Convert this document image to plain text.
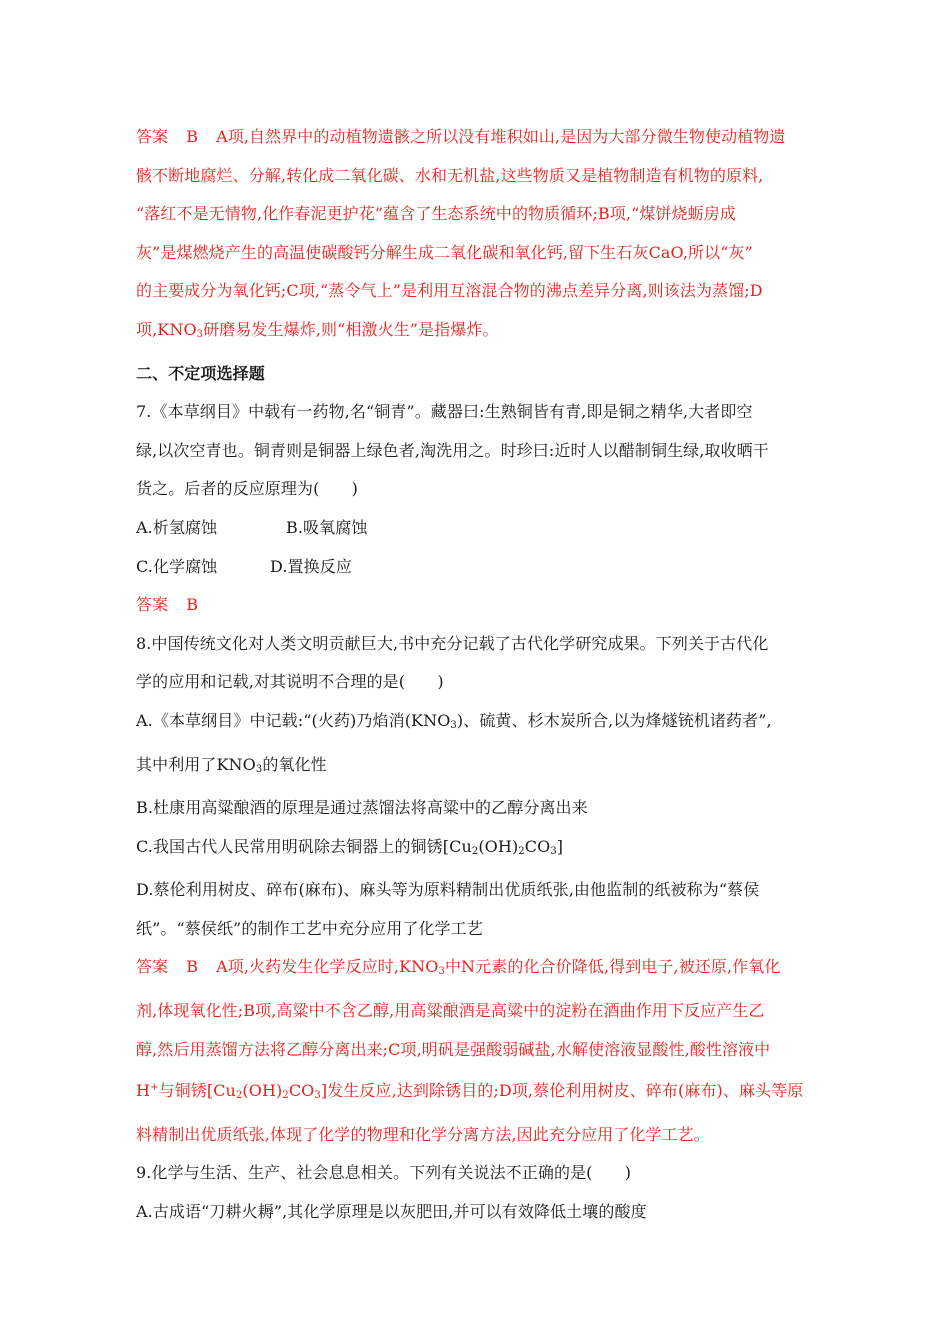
答案 B A项,自然界中的动植物遗骸之所以没有堆积如山,是因为大部分微生物使动植物遗
骸不断地腐烂、分解,转化成二氧化碳、水和无机盐,这些物质又是植物制造有机物的原料,
“落红不是无情物,化作春泥更护花”蕴含了生态系统中的物质循环;B项,“煤饼烧蛎房成
灰”是煤燃烧产生的高温使碳酸钙分解生成二氧化碳和氧化钙,留下生石灰CaO,所以“灰”
的主要成分为氧化钙;C项,“蒸令气上”是利用互溶混合物的沸点差异分离,则该法为蒸馏;D
项$,KNO_3$研磨易发生爆炸,则“相激火生”是指爆炸。
二、不定项选择题
7.《本草纲目》中载有一药物,名“铜青”。藏器曰:生熟铜皆有青,即是铜之精华,大者即空
绿,以次空青也。铜青则是铜器上绿色者,淘洗用之。时珍曰:近时人以醋制铜生绿,取收晒干
货之。后者的反应原理为(　　)
A.析氢腐蚀	B.吸氧腐蚀
C.化学腐蚀	D.置换反应
答案 B
8.中国传统文化对人类文明贡献巨大,书中充分记载了古代化学研究成果。下列关于古代化
学的应用和记载,对其说明不合理的是(　　)
A.《本草纲目》中记载:“(火药)乃焰消$(KNO_3)$、硫黄、杉木炭所合,以为烽燧铳机诸药者”,
其中利用了$KNO_3$的氧化性
B.杜康用高粱酿酒的原理是通过蒸馏法将高粱中的乙醇分离出来
C.我国古代人民常用明矾除去铜器上的铜锈$[Cu_2(OH)_2CO_3]$
D.蔡伦利用树皮、碎布(麻布)、麻头等为原料精制出优质纸张,由他监制的纸被称为“蔡侯
纸”。“蔡侯纸”的制作工艺中充分应用了化学工艺
答案 B A项,火药发生化学反应时$,KNO_3$中N元素的化合价降低,得到电子,被还原,作氧化
剂,体现氧化性;B项,高粱中不含乙醇,用高粱酿酒是高粱中的淀粉在酒曲作用下反应产生乙
醇,然后用蒸馏方法将乙醇分离出来;C项,明矾是强酸弱碱盐,水解使溶液显酸性,酸性溶液中
H+与铜锈$[Cu_2(OH)_2CO_3]$发生反应,达到除锈目的;D项,蔡伦利用树皮、碎布(麻布)、麻头等原
料精制出优质纸张,体现了化学的物理和化学分离方法,因此充分应用了化学工艺。
9.化学与生活、生产、社会息息相关。下列有关说法不正确的是(　　)
A.古成语“刀耕火耨”,其化学原理是以灰肥田,并可以有效降低土壤的酸度
